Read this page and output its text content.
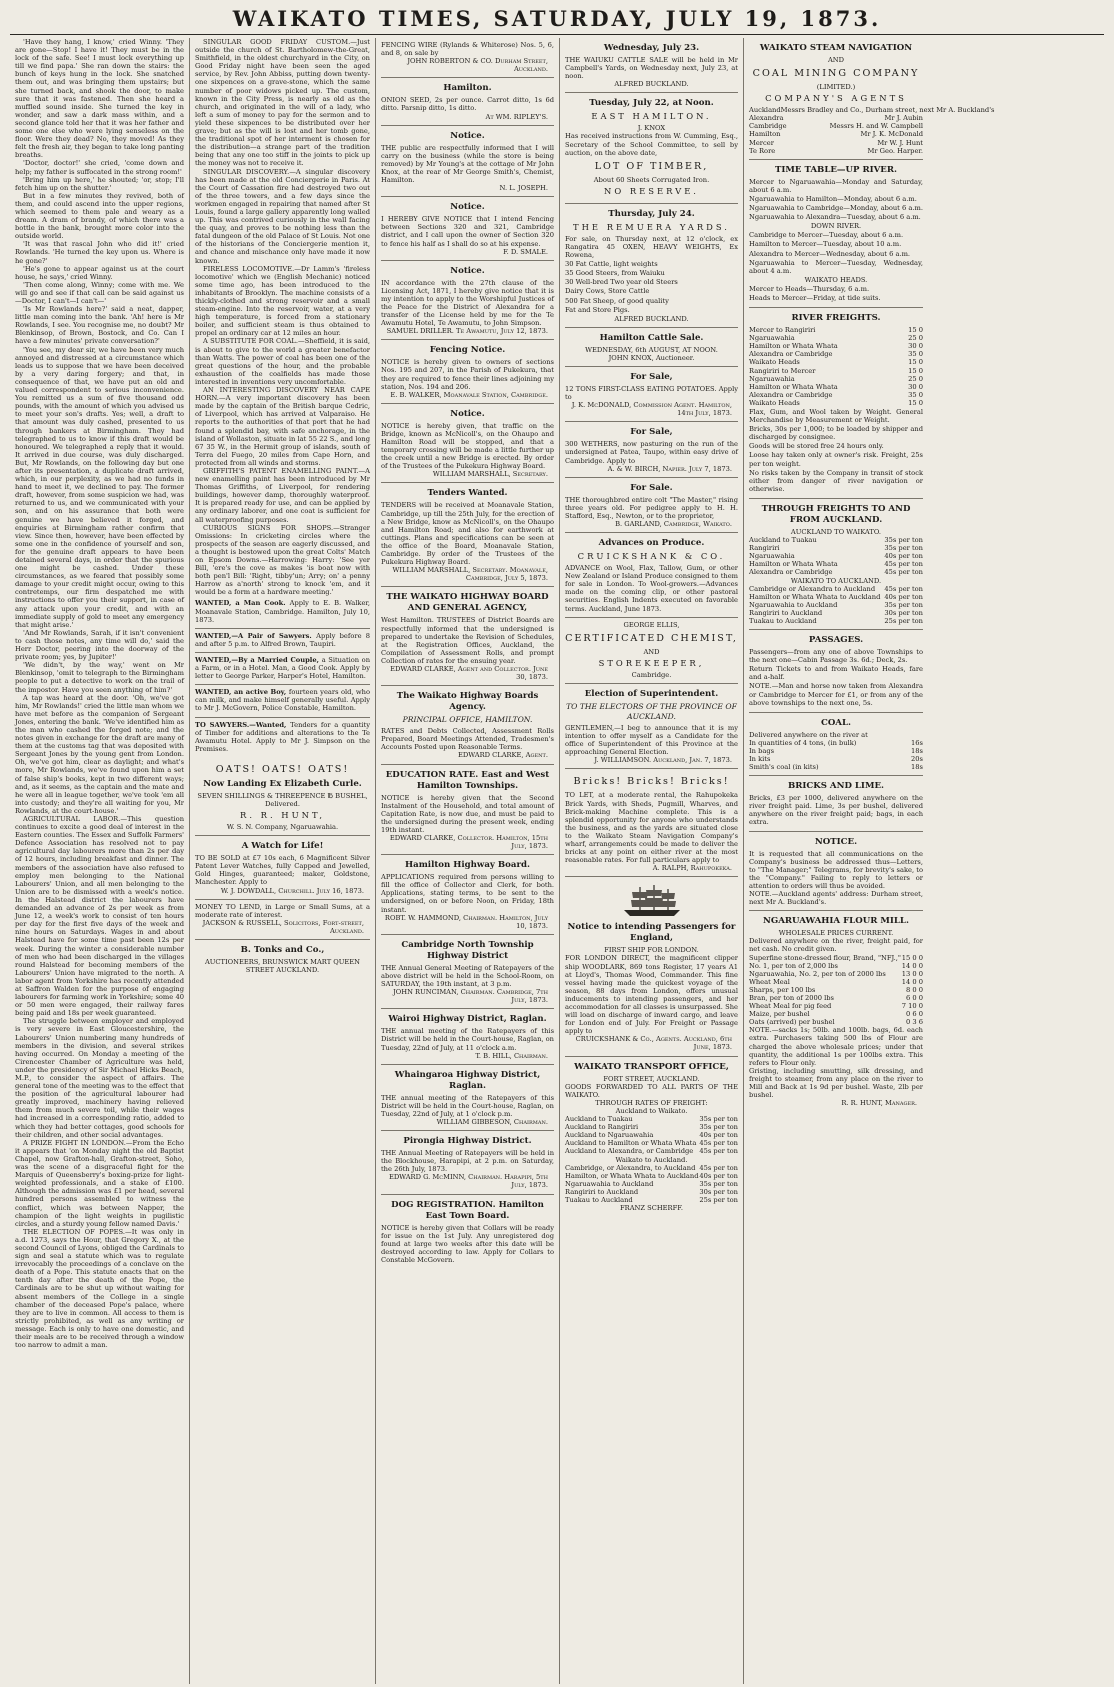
WAIKATO TIMES, SATURDAY, JULY 19, 1873.

'Have they hang, I know,' cried Winny. 'They are gone—Stop! I have it! They must be in the lock of the safe. See! I must lock everything up till we find papa.' She ran down the stairs: the bunch of keys hung in the lock. She snatched them out, and was bringing them upstairs; but she turned back, and shook the door, to make sure that it was fastened. Then she heard a muffled sound inside. She turned the key in wonder, and saw a dark mass within, and a second glance told her that it was her father and some one else who were lying senseless on the floor. Were they dead? No, they moved! As they felt the fresh air, they began to take long panting breaths.

'Doctor, doctor!' she cried, 'come down and help; my father is suffocated in the strong room!'

'Bring him up here,' he shouted; 'or, stop; I'll fetch him up on the shutter.'

But in a few minutes they revived, both of them, and could ascend into the upper regions, which seemed to them pale and weary as a dream. A dram of brandy, of which there was a bottle in the bank, brought more color into the outside world.

'It was that rascal John who did it!' cried Rowlands. 'He turned the key upon us. Where is he gone?'

'He's gone to appear against us at the court house, he says,' cried Winny.

'Then come along, Winny; come with me. We will go and see if that call can be said against us—Doctor, I can't—I can't—'

'Is Mr Rowlands here?' said a neat, dapper, little man coming into the bank. 'Ah! here is Mr Rowlands, I see. You recognise me, no doubt? Mr Blenkinsop, of Brown, Bostock, and Co. Can I have a few minutes' private conversation?'

'You see, my dear sir, we have been very much annoyed and distressed at a circumstance which leads us to suppose that we have been deceived by a very daring forgery; and that, in consequence of that, we have put an old and valued correspondent to serious inconvenience. You remitted us a sum of five thousand odd pounds, with the amount of which you advised us to meet your son's drafts. Yes; well, a draft to that amount was duly cashed, presented to us through bankers at Birmingham. They had telegraphed to us to know if this draft would be honoured. We telegraphed a reply that it would. It arrived in due course, was duly discharged. But, Mr Rowlands, on the following day but one after its presentation, a duplicate draft arrived, which, in our perplexity, as we had no funds in hand to meet it, we declined to pay. The former draft, however, from some suspicion we had, was returned to us, and we communicated with your son, and on his assurance that both were genuine we have believed it forged, and enquiries at Birmingham rather confirm that view. Since then, however, have been effected by some one in the confidence of yourself and son, for the genuine draft appears to have been detained several days, in order that the spurious one might be cashed. Under these circumstances, as we feared that possibly some damage to your credit might occur, owing to this contretemps, our firm despatched me with instructions to offer you their support, in case of any attack upon your credit, and with an immediate supply of gold to meet any emergency that might arise.'

'And Mr Rowlands, Sarah, if it isn't convenient to cash those notes, any time will do,' said the Herr Doctor, peering into the doorway of the private room; yes, by Jupiter!'

'We didn't, by the way,' went on Mr Blenkinsop, 'omit to telegraph to the Birmingham people to put a detective to work on the trail of the impostor. Have you seen anything of him?'

A tap was heard at the door. 'Oh, we've got him, Mr Rowlands!' cried the little man whom we have met before as the companion of Sergeant Jones, entering the bank. 'We've identified him as the man who cashed the forged note; and the notes given in exchange for the draft are many of them at the customs tag that was deposited with Sergeant Jones by the young gent from London. Oh, we've got him, clear as daylight; and what's more, Mr Rowlands, we've found upon him a set of false ship's books, kept in two different ways; and, as it seems, as the captain and the mate and he were all in league together, we've took 'em all into custody; and they're all waiting for you, Mr Rowlands, at the court-house.'

AGRICULTURAL LABOR.—This question continues to excite a good deal of interest in the Eastern counties. The Essex and Suffolk Farmers' Defence Association has resolved not to pay agricultural day labourers more than 2s per day of 12 hours, including breakfast and dinner. The members of the association have also refused to employ men belonging to the National Labourers' Union, and all men belonging to the Union are to be dismissed with a week's notice. In the Halstead district the labourers have demanded an advance of 2s per week as from June 12, a week's work to consist of ten hours per day for the first five days of the week and nine hours on Saturdays. Wages in and about Halstead have for some time past been 12s per week. During the winter a considerable number of men who had been discharged in the villages round Halstead for becoming members of the Labourers' Union have migrated to the north. A labor agent from Yorkshire has recently attended at Saffron Walden for the purpose of engaging labourers for farming work in Yorkshire; some 40 or 50 men were engaged, their railway fares being paid and 18s per week guaranteed.

The struggle between employer and employed is very severe in East Gloucestershire, the Labourers' Union numbering many hundreds of members in the division, and several strikes having occurred. On Monday a meeting of the Cirencester Chamber of Agriculture was held, under the presidency of Sir Michael Hicks Beach, M.P., to consider the aspect of affairs. The general tone of the meeting was to the effect that the position of the agricultural labourer had greatly improved, machinery having relieved them from much severe toil, while their wages had increased in a corresponding ratio, added to which they had better cottages, good schools for their children, and other social advantages.

A PRIZE FIGHT IN LONDON.—From the Echo it appears that 'on Monday night the old Baptist Chapel, now Grafton-hall, Grafton-street, Soho, was the scene of a disgraceful fight for the Marquis of Queensberry's boxing-prize for light-weighted professionals, and a stake of £100. Although the admission was £1 per head, several hundred persons assembled to witness the conflict, which was between Napper, the champion of the light weights in pugilistic circles, and a sturdy young fellow named Davis.'

THE ELECTION OF POPES.—It was only in a.d. 1273, says the Hour, that Gregory X., at the second Council of Lyons, obliged the Cardinals to sign and seal a statute which was to regulate irrevocably the proceedings of a conclave on the death of a Pope. This statute enacts that on the tenth day after the death of the Pope, the Cardinals are to be shut up without waiting for absent members of the College in a single chamber of the deceased Pope's palace, where they are to live in common. All access to them is strictly prohibited, as well as any writing or message. Each is only to have one domestic, and their meals are to be received through a window too narrow to admit a man.

SINGULAR GOOD FRIDAY CUSTOM.—Just outside the church of St. Bartholomew-the-Great, Smithfield, in the oldest churchyard in the City, on Good Friday night have been seen the aged service, by Rev. John Abbiss, putting down twenty-one sixpences on a grave-stone, which the same number of poor widows picked up. The custom, known in the City Press, is nearly as old as the church, and originated in the will of a lady, who left a sum of money to pay for the sermon and to yield these sixpences to be distributed over her grave; but as the will is lost and her tomb gone, the traditional spot of her interment is chosen for the distribution—a strange part of the tradition being that any one too stiff in the joints to pick up the money was not to receive it.

SINGULAR DISCOVERY.—A singular discovery has been made at the old Conciergerie in Paris. At the Court of Cassation fire had destroyed two out of the three towers, and a few days since the workmen engaged in repairing that named after St Louis, found a large gallery apparently long walled up. This was contrived curiously in the wall facing the quay, and proves to be nothing less than the fatal dungeon of the old Palace of St Louis. Not one of the historians of the Conciergerie mention it, and chance and mischance only have made it now known.

FIRELESS LOCOMOTIVE.—Dr Lamm's 'fireless locomotive' which we (English Mechanic) noticed some time ago, has been introduced to the inhabitants of Brooklyn. The machine consists of a thickly-clothed and strong reservoir and a small steam-engine. Into the reservoir, water, at a very high temperature, is forced from a stationary boiler, and sufficient steam is thus obtained to propel an ordinary car at 12 miles an hour.

A SUBSTITUTE FOR COAL.—Sheffield, it is said, is about to give to the world a greater benefactor than Watts. The power of coal has been one of the great questions of the hour, and the probable exhaustion of the coalfields has made those interested in inventions very uncomfortable.

AN INTERESTING DISCOVERY NEAR CAPE HORN.—A very important discovery has been made by the captain of the British barque Cedric, of Liverpool, which has arrived at Valparaiso. He reports to the authorities of that port that he had found a splendid bay, with safe anchorage, in the island of Wollaston, situate in lat 55 22 S., and long 67 35 W., in the Hermit group of islands, south of Terra del Fuego, 20 miles from Cape Horn, and protected from all winds and storms.

GRIFFITH'S PATENT ENAMELLING PAINT.—A new enamelling paint has been introduced by Mr Thomas Griffiths, of Liverpool, for rendering buildings, however damp, thoroughly waterproof. It is prepared ready for use, and can be applied by any ordinary laborer, and one coat is sufficient for all waterproofing purposes.

CURIOUS SIGNS FOR SHOPS.—Stranger Omissions: In cricketing circles where the prospects of the season are eagerly discussed, and a thought is bestowed upon the great Colts' Match on Epsom Downs.—Harrowing: Harry: 'See yer Bill, 'ere's the cove as makes 'is boat now with both pen'l Bill: 'Right, tibby'un; Arry; on' a penny Harrow as a'north' strong to knock 'em, and it would be a form at a hardware meeting.'

WANTED, a Man Cook. Apply to E. B. Walker, Moanavale Station, Cambridge. Hamilton, July 10, 1873.
WANTED,—A Pair of Sawyers. Apply before 8 and after 5 p.m. to Alfred Brown, Taupiri.
WANTED,—By a Married Couple, a Situation on a Farm, or in a Hotel. Man, a Good Cook. Apply by letter to George Parker, Harper's Hotel, Hamilton.
WANTED, an active Boy, fourteen years old, who can milk, and make himself generally useful. Apply to Mr J. McGovern, Police Constable, Hamilton.
TO SAWYERS.—Wanted, Tenders for a quantity of Timber for additions and alterations to the Te Awamutu Hotel. Apply to Mr J. Simpson on the Premises.
OATS! OATS! OATS!
Now Landing Ex Elizabeth Curle.
SEVEN SHILLINGS & THREEPENCE ℔ BUSHEL,
Delivered.
R. R. HUNT,
W. S. N. Company, Ngaruawahia.
A Watch for Life!
TO BE SOLD at £7 10s each, 6 Magnificent Silver Patent Lever Watches, fully Capped and Jewelled, Gold Hinges, guaranteed; maker, Goldstone, Manchester. Apply to
W. J. DOWDALL, Churchill. July 16, 1873.
MONEY TO LEND, in Large or Small Sums, at a moderate rate of interest.
JACKSON & RUSSELL, Solicitors, Fort-street, Auckland.
B. Tonks and Co.,
AUCTIONEERS, BRUNSWICK MART QUEEN STREET AUCKLAND.
FENCING WIRE (Rylands & Whiterose) Nos. 5, 6, and 8, on sale by
JOHN ROBERTON & CO. Durham Street, Auckland.
Hamilton.
ONION SEED, 2s per ounce. Carrot ditto, 1s 6d ditto. Parsnip ditto, 1s ditto.
At WM. RIPLEY'S.
Notice.
THE public are respectfully informed that I will carry on the business (while the store is being removed) by Mr Young's at the cottage of Mr John Knox, at the rear of Mr George Smith's, Chemist, Hamilton.
N. L. JOSEPH.
Notice.
I HEREBY GIVE NOTICE that I intend Fencing between Sections 320 and 321, Cambridge district, and I call upon the owner of Section 320 to fence his half as I shall do so at his expense.
F. D. SMALE.
Notice.
IN accordance with the 27th clause of the Licensing Act, 1871, I hereby give notice that it is my intention to apply to the Worshipful Justices of the Peace for the District of Alexandra for a transfer of the License held by me for the Te Awamutu Hotel, Te Awamutu, to John Simpson.
SAMUEL DRILLER. Te Awamutu, July 12, 1873.
Fencing Notice.
NOTICE is hereby given to owners of sections Nos. 195 and 207, in the Parish of Pukekura, that they are required to fence their lines adjoining my station, Nos. 194 and 206.
E. B. WALKER, Moanavale Station, Cambridge.
Notice.
NOTICE is hereby given, that traffic on the Bridge, known as McNicoll's, on the Ohaupo and Hamilton Road will be stopped, and that a temporary crossing will be made a little further up the creek until a new Bridge is erected. By order of the Trustees of the Pukekura Highway Board.
WILLIAM MARSHALL, Secretary.
Tenders Wanted.
TENDERS will be received at Moanavale Station, Cambridge, up till the 25th July, for the erection of a New Bridge, know as McNicoll's, on the Ohaupo and Hamilton Road; and also for earthwork at cuttings. Plans and specifications can be seen at the office of the Board, Moanavale Station, Cambridge. By order of the Trustees of the Pukekura Highway Board.
WILLIAM MARSHALL, Secretary. Moanavale, Cambridge, July 5, 1873.
THE WAIKATO HIGHWAY BOARD AND GENERAL AGENCY,
West Hamilton. TRUSTEES of District Boards are respectfully informed that the undersigned is prepared to undertake the Revision of Schedules, at the Registration Offices, Auckland, the Compilation of Assessment Rolls, and prompt Collection of rates for the ensuing year.
EDWARD CLARKE, Agent and Collector. June 30, 1873.
The Waikato Highway Boards Agency.
PRINCIPAL OFFICE, HAMILTON.
RATES and Debts Collected, Assessment Rolls Prepared, Board Meetings Attended, Tradesmen's Accounts Posted upon Reasonable Terms.
EDWARD CLARKE, Agent.
EDUCATION RATE. East and West Hamilton Townships.
NOTICE is hereby given that the Second Instalment of the Household, and total amount of Capitation Rate, is now due, and must be paid to the undersigned during the present week, ending 19th instant.
EDWARD CLARKE, Collector. Hamilton, 15th July, 1873.
Hamilton Highway Board.
APPLICATIONS required from persons willing to fill the office of Collector and Clerk, for both. Applications, stating terms, to be sent to the undersigned, on or before Noon, on Friday, 18th instant.
ROBT. W. HAMMOND, Chairman. Hamilton, July 10, 1873.
Cambridge North Township Highway District
THE Annual General Meeting of Ratepayers of the above district will be held in the School-Room, on SATURDAY, the 19th instant, at 3 p.m.
JOHN RUNCIMAN, Chairman. Cambridge, 7th July, 1873.
Wairoi Highway District, Raglan.
THE annual meeting of the Ratepayers of this District will be held in the Court-house, Raglan, on Tuesday, 22nd of July, at 11 o'clock a.m.
T. B. HILL, Chairman.
Whaingaroa Highway District, Raglan.
THE annual meeting of the Ratepayers of this District will be held in the Court-house, Raglan, on Tuesday, 22nd of July, at 1 o'clock p.m.
WILLIAM GIBBESON, Chairman.
Pirongia Highway District.
THE Annual Meeting of Ratepayers will be held in the Blockhouse, Harapipi, at 2 p.m. on Saturday, the 26th July, 1873.
EDWARD G. McMINN, Chairman. Harapipi, 5th July, 1873.
DOG REGISTRATION. Hamilton East Town Board.
NOTICE is hereby given that Collars will be ready for issue on the 1st July. Any unregistered dog found at large two weeks after this date will be destroyed according to law. Apply for Collars to Constable McGovern.
Wednesday, July 23.
THE WAIUKU CATTLE SALE will be held in Mr Campbell's Yards, on Wednesday next, July 23, at noon.
ALFRED BUCKLAND.
Tuesday, July 22, at Noon.
EAST HAMILTON.
J. KNOX
Has received instructions from W. Cumming, Esq., Secretary of the School Committee, to sell by auction, on the above date,
LOT OF TIMBER,
About 60 Sheets Corrugated Iron.
NO RESERVE.
Thursday, July 24.
THE REMUERA YARDS.
For sale, on Thursday next, at 12 o'clock, ex Rangatira 45 OXEN, HEAVY WEIGHTS, Ex Rowena,
30 Fat Cattle, light weights
35 Good Steers, from Waiuku
30 Well-bred Two year old Steers
Dairy Cows, Store Cattle
500 Fat Sheep, of good quality
Fat and Store Pigs.
ALFRED BUCKLAND.
Hamilton Cattle Sale.
WEDNESDAY, 6th AUGUST, AT NOON.
JOHN KNOX, Auctioneer.
For Sale,
12 TONS FIRST-CLASS EATING POTATOES. Apply to
J. K. McDONALD, Commission Agent. Hamilton, 14th July, 1873.
For Sale,
300 WETHERS, now pasturing on the run of the undersigned at Patea, Taupo, within easy drive of Cambridge. Apply to
A. & W. BIRCH, Napier. July 7, 1873.
For Sale.
THE thoroughbred entire colt "The Master," rising three years old. For pedigree apply to H. H. Stafford, Esq., Newton, or to the proprietor,
B. GARLAND, Cambridge, Waikato.
Advances on Produce.
CRUICKSHANK & CO.
ADVANCE on Wool, Flax, Tallow, Gum, or other New Zealand or Island Produce consigned to them for sale in London. To Wool-growers.—Advances made on the coming clip, or other pastoral securities. English Indents executed on favorable terms. Auckland, June 1873.
GEORGE ELLIS,
CERTIFICATED CHEMIST,
AND
STOREKEEPER,
Cambridge.
Election of Superintendent.
TO THE ELECTORS OF THE PROVINCE OF AUCKLAND.
GENTLEMEN,—I beg to announce that it is my intention to offer myself as a Candidate for the office of Superintendent of this Province at the approaching General Election.
J. WILLIAMSON. Auckland, Jan. 7, 1873.
Bricks! Bricks! Bricks!
TO LET, at a moderate rental, the Rahupokeka Brick Yards, with Sheds, Pugmill, Wharves, and Brick-making Machine complete. This is a splendid opportunity for anyone who understands the business, and as the yards are situated close to the Waikato Steam Navigation Company's wharf, arrangements could be made to deliver the bricks at any point on either river at the most reasonable rates. For full particulars apply to
A. RALPH, Rahupokeka.
Notice to intending Passengers for England,
FIRST SHIP FOR LONDON.
FOR LONDON DIRECT, the magnificent clipper ship WOODLARK, 869 tons Register, 17 years A1 at Lloyd's, Thomas Wood, Commander. This fine vessel having made the quickest voyage of the season, 88 days from London, offers unusual inducements to intending passengers, and her accommodation for all classes is unsurpassed. She will load on discharge of inward cargo, and leave for London end of July. For Freight or Passage apply to
CRUICKSHANK & Co., Agents. Auckland, 6th June, 1873.
WAIKATO TRANSPORT OFFICE,
FORT STREET, AUCKLAND.
GOODS FORWARDED TO ALL PARTS OF THE WAIKATO.
THROUGH RATES OF FREIGHT:
Auckland to Waikato.
Auckland to Tuakau	35s per ton
Auckland to Rangiriri	35s per ton
Auckland to Ngaruawahia	40s per ton
Auckland to Hamilton or Whata Whata 45s per ton
Auckland to Alexandra, or Cambridge 45s per ton
Waikato to Auckland.
Cambridge, or Alexandra, to Auckland 45s per ton
Hamilton, or Whata Whata to Auckland 40s per ton
Ngaruawahia to Auckland	35s per ton
Rangiriri to Auckland	30s per ton
Tuakau to Auckland	25s per ton
FRANZ SCHERFF.
WAIKATO STEAM NAVIGATION
AND
COAL MINING COMPANY
(LIMITED.)
COMPANY'S AGENTS
Auckland Messrs Bradley and Co., Durham street, next Mr A. Buckland's
Alexandra	Mr J. Aubin
Cambridge	Messrs H. and W. Campbell
Hamilton	Mr J. K. McDonald
Mercer	Mr W. J. Hunt
Te Rore	Mr Geo. Harper.
TIME TABLE—UP RIVER.
Mercer to Ngaruawahia—Monday and Saturday, about 6 a.m.
Ngaruawahia to Hamilton—Monday, about 6 a.m.
Ngaruawahia to Cambridge—Monday, about 6 a.m.
Ngaruawahia to Alexandra—Tuesday, about 6 a.m.
DOWN RIVER.
Cambridge to Mercer—Tuesday, about 6 a.m.
Hamilton to Mercer—Tuesday, about 10 a.m.
Alexandra to Mercer—Wednesday, about 6 a.m.
Ngaruawahia to Mercer—Tuesday, Wednesday, about 4 a.m.
WAIKATO HEADS.
Mercer to Heads—Thursday, 6 a.m.
Heads to Mercer—Friday, at tide suits.
RIVER FREIGHTS.
Mercer to Rangiriri	15 0
Ngaruawahia	25 0
Hamilton or Whata Whata	30 0
Alexandra or Cambridge	35 0
Waikato Heads	15 0
Rangiriri to Mercer	15 0
Ngaruawahia	25 0
Hamilton or Whata Whata	30 0
Alexandra or Cambridge	35 0
Waikato Heads	15 0
Flax, Gum, and Wool taken by Weight. General Merchandise by Measurement or Weight.
Bricks, 30s per 1,000; to be loaded by shipper and discharged by consignee.
Goods will be stored free 24 hours only.
Loose hay taken only at owner's risk. Freight, 25s per ton weight.
No risks taken by the Company in transit of stock either from danger of river navigation or otherwise.
THROUGH FREIGHTS TO AND FROM AUCKLAND.
AUCKLAND TO WAIKATO.
Auckland to Tuakau	35s per ton
Rangiriri	35s per ton
Ngaruawahia	40s per ton
Hamilton or Whata Whata	45s per ton
Alexandra or Cambridge	45s per ton
WAIKATO TO AUCKLAND.
Cambridge or Alexandra to Auckland 45s per ton
Hamilton or Whata Whata to Auckland 40s per ton
Ngaruawahia to Auckland	35s per ton
Rangiriri to Auckland	30s per ton
Tuakau to Auckland	25s per ton
PASSAGES.
Passengers—from any one of above Townships to the next one—Cabin Passage 3s. 6d.; Deck, 2s.
Return Tickets to and from Waikato Heads, fare and a-half.
NOTE.—Man and horse now taken from Alexandra or Cambridge to Mercer for £1, or from any of the above townships to the next one, 5s.
COAL.
Delivered anywhere on the river at
In quantities of 4 tons, (in bulk)	16s
In bags	18s
In kits	20s
Smith's coal (in kits)	18s
BRICKS AND LIME.
Bricks, £3 per 1000, delivered anywhere on the river freight paid. Lime, 3s per bushel, delivered anywhere on the river freight paid; bags, in each extra.
NOTICE.
It is requested that all communications on the Company's business be addressed thus—Letters, to "The Manager;" Telegrams, for brevity's sake, to the "Company." Failing to reply to letters or attention to orders will thus be avoided.
NOTE.—Auckland agents' address: Durham street, next Mr A. Buckland's.
NGARUAWAHIA FLOUR MILL.
WHOLESALE PRICES CURRENT.
Delivered anywhere on the river, freight paid, for net cash. No credit given.
Superfine stone-dressed flour, Brand, "NFJ.," 15 0 0
No. 1, per ton of 2,000 lbs	14 0 0
Ngaruawahia, No. 2, per ton of 2000 lbs 13 0 0
Wheat Meal	14 0 0
Sharps, per 100 lbs	8 0 0
Bran, per ton of 2000 lbs	6 0 0
Wheat Meal for pig feed	7 10 0
Maize, per bushel	0 6 0
Oats (arrived) per bushel	0 3 6
NOTE.—sacks 1s; 50lb. and 100lb. bags, 6d. each extra. Purchasers taking 500 lbs of Flour are charged the above wholesale prices; under that quantity, the additional 1s per 100lbs extra. This refers to Flour only.
Gristing, including smutting, silk dressing, and freight to steamer, from any place on the river to Mill and Back at 1s 9d per bushel. Waste, 2lb per bushel.
R. R. HUNT, Manager.
